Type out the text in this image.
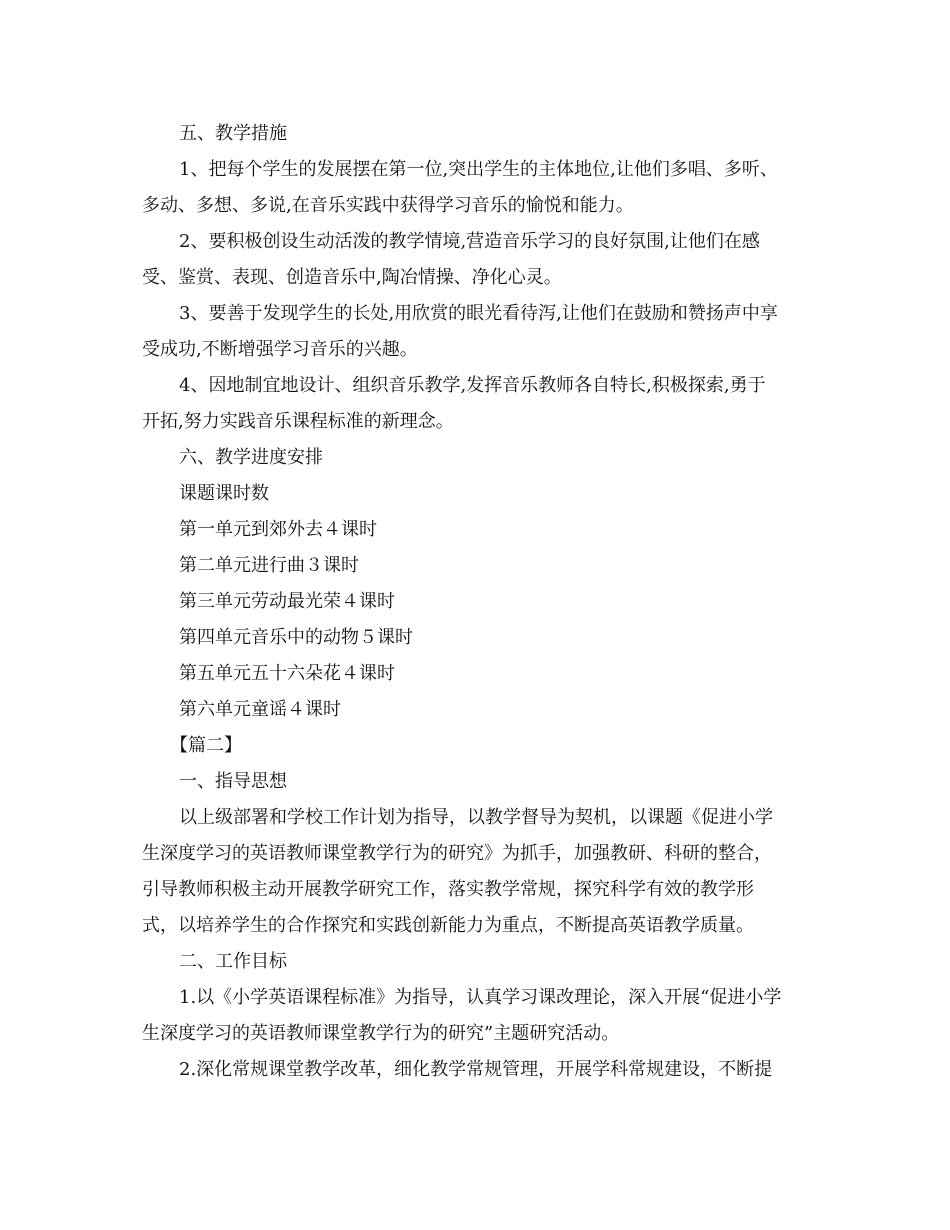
五、教学措施
1、把每个学生的发展摆在第一位,突出学生的主体地位,让他们多唱、多听、
多动、多想、多说,在音乐实践中获得学习音乐的愉悦和能力。
2、要积极创设生动活泼的教学情境,营造音乐学习的良好氛围,让他们在感
受、鉴赏、表现、创造音乐中,陶冶情操、净化心灵。
3、要善于发现学生的长处,用欣赏的眼光看待泻,让他们在鼓励和赞扬声中享
受成功,不断增强学习音乐的兴趣。
4、因地制宜地设计、组织音乐教学,发挥音乐教师各自特长,积极探索,勇于
开拓,努力实践音乐课程标准的新理念。
六、教学进度安排
课题课时数
第一单元到郊外去４课时
第二单元进行曲３课时
第三单元劳动最光荣４课时
第四单元音乐中的动物５课时
第五单元五十六朵花４课时
第六单元童谣４课时
【篇二】
一、指导思想
以上级部署和学校工作计划为指导，以教学督导为契机，以课题《促进小学
生深度学习的英语教师课堂教学行为的研究》为抓手，加强教研、科研的整合，
引导教师积极主动开展教学研究工作，落实教学常规，探究科学有效的教学形
式，以培养学生的合作探究和实践创新能力为重点，不断提高英语教学质量。
二、工作目标
1.以《小学英语课程标准》为指导，认真学习课改理论，深入开展“促进小学
生深度学习的英语教师课堂教学行为的研究”主题研究活动。
2.深化常规课堂教学改革，细化教学常规管理，开展学科常规建设，不断提
